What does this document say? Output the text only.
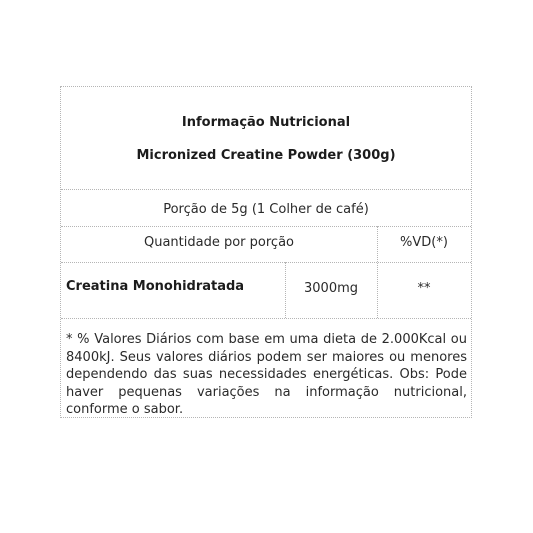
Informação Nutricional
Micronized Creatine Powder (300g)
Porção de 5g (1 Colher de café)
Quantidade por porção	%VD(*)
Creatina Monohidratada	3000mg	**
* % Valores Diários com base em uma dieta de 2.000Kcal ou 8400kJ. Seus valores diários podem ser maiores ou menores dependendo das suas necessidades energéticas. Obs: Pode haver pequenas variações na informação nutricional, conforme o sabor.
